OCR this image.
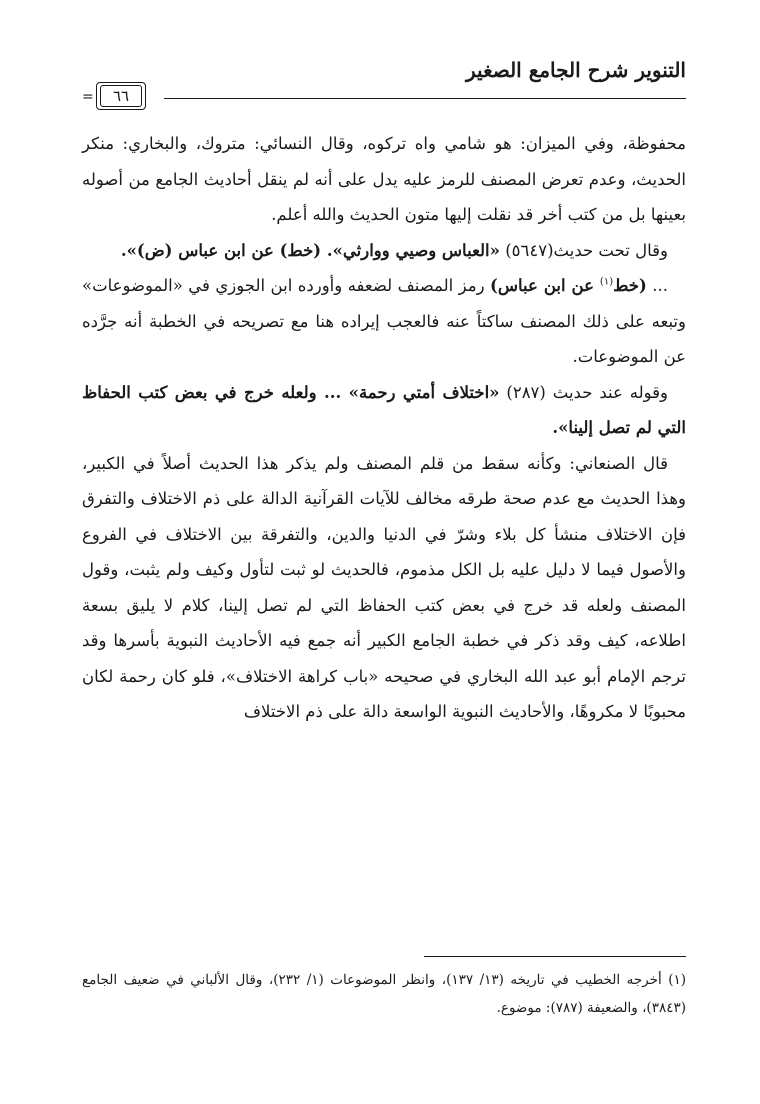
التنوير شرح الجامع الصغير
٦٦
=

محفوظة، وفي الميزان: هو شامي واه تركوه، وقال النسائي: متروك، والبخاري: منكر الحديث، وعدم تعرض المصنف للرمز عليه يدل على أنه لم ينقل أحاديث الجامع من أصوله بعينها بل من كتب أخر قد نقلت إليها متون الحديث والله أعلم.

وقال تحت حديث(٥٦٤٧) «العباس وصيي ووارثي». (خط) عن ابن عباس (ض)».

... (خط$^{(١)}$ عن ابن عباس) رمز المصنف لضعفه وأورده ابن الجوزي في «الموضوعات» وتبعه على ذلك المصنف ساكتاً عنه فالعجب إيراده هنا مع تصريحه في الخطبة أنه جرَّده عن الموضوعات.

وقوله عند حديث (٢٨٧) «اختلاف أمتي رحمة» ... ولعله خرج في بعض كتب الحفاظ التي لم تصل إلينا».

قال الصنعاني: وكأنه سقط من قلم المصنف ولم يذكر هذا الحديث أصلاً في الكبير، وهذا الحديث مع عدم صحة طرقه مخالف للآيات القرآنية الدالة على ذم الاختلاف والتفرق فإن الاختلاف منشأ كل بلاء وشرّ في الدنيا والدين، والتفرقة بين الاختلاف في الفروع والأصول فيما لا دليل عليه بل الكل مذموم، فالحديث لو ثبت لتأول وكيف ولم يثبت، وقول المصنف ولعله قد خرج في بعض كتب الحفاظ التي لم تصل إلينا، كلام لا يليق بسعة اطلاعه، كيف وقد ذكر في خطبة الجامع الكبير أنه جمع فيه الأحاديث النبوية بأسرها وقد ترجم الإمام أبو عبد الله البخاري في صحيحه «باب كراهة الاختلاف»، فلو كان رحمة لكان محبوبًا لا مكروهًا، والأحاديث النبوية الواسعة دالة على ذم الاختلاف

(١) أخرجه الخطيب في تاريخه (١٣/ ١٣٧)، وانظر الموضوعات (١/ ٢٣٢)، وقال الألباني في ضعيف الجامع (٣٨٤٣)، والضعيفة (٧٨٧): موضوع.
